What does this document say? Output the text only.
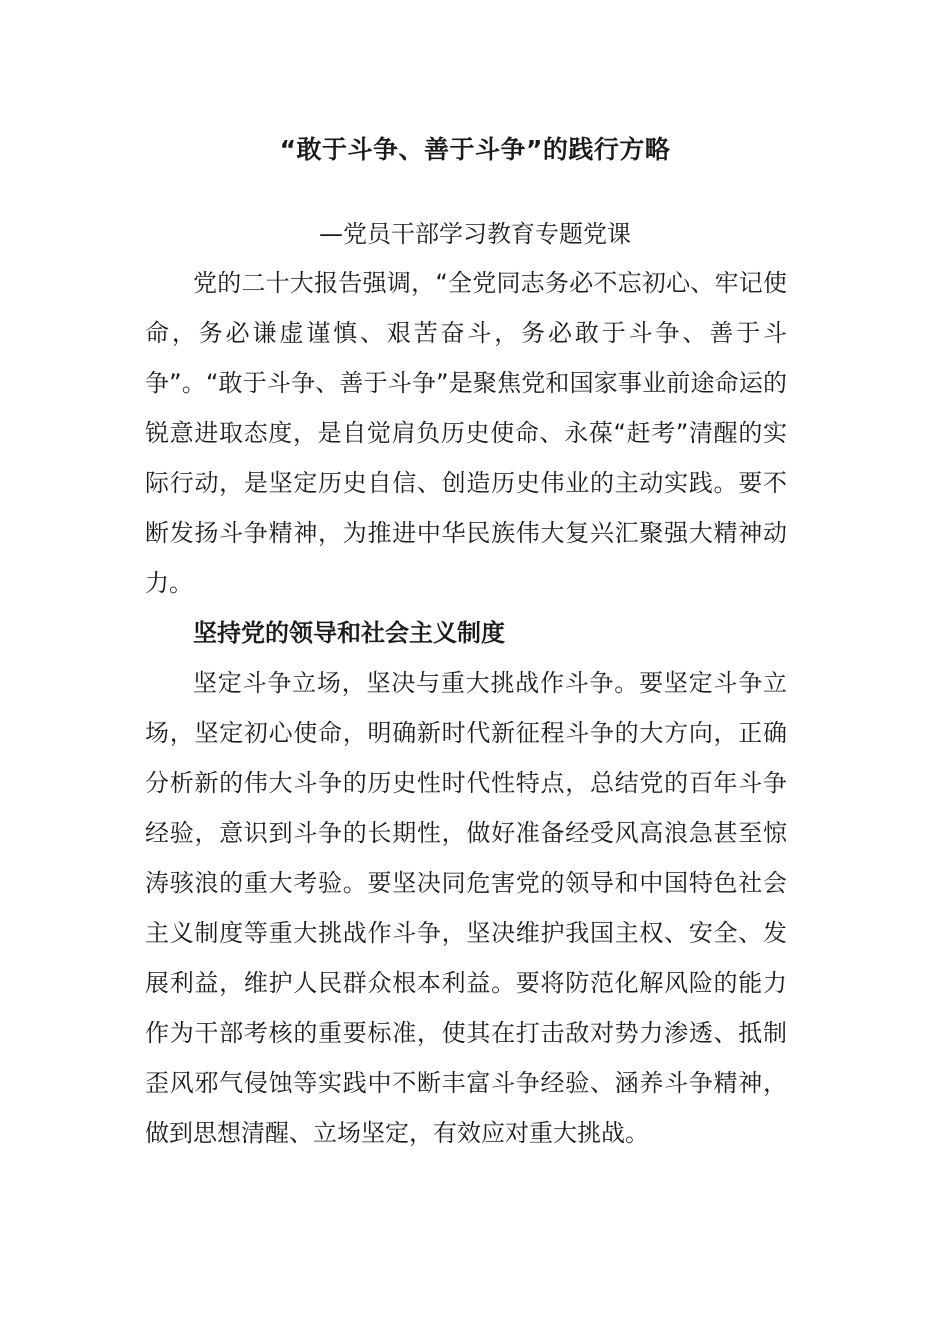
“敢于斗争、善于斗争”的践行方略
—党员干部学习教育专题党课

党的二十大报告强调，“全党同志务必不忘初心、牢记使命，务必谦虚谨慎、艰苦奋斗，务必敢于斗争、善于斗争”。“敢于斗争、善于斗争”是聚焦党和国家事业前途命运的锐意进取态度，是自觉肩负历史使命、永葆“赶考”清醒的实际行动，是坚定历史自信、创造历史伟业的主动实践。要不断发扬斗争精神，为推进中华民族伟大复兴汇聚强大精神动力。

坚持党的领导和社会主义制度

坚定斗争立场，坚决与重大挑战作斗争。要坚定斗争立场，坚定初心使命，明确新时代新征程斗争的大方向，正确分析新的伟大斗争的历史性时代性特点，总结党的百年斗争经验，意识到斗争的长期性，做好准备经受风高浪急甚至惊涛骇浪的重大考验。要坚决同危害党的领导和中国特色社会主义制度等重大挑战作斗争，坚决维护我国主权、安全、发展利益，维护人民群众根本利益。要将防范化解风险的能力作为干部考核的重要标准，使其在打击敌对势力渗透、抵制歪风邪气侵蚀等实践中不断丰富斗争经验、涵养斗争精神，做到思想清醒、立场坚定，有效应对重大挑战。
